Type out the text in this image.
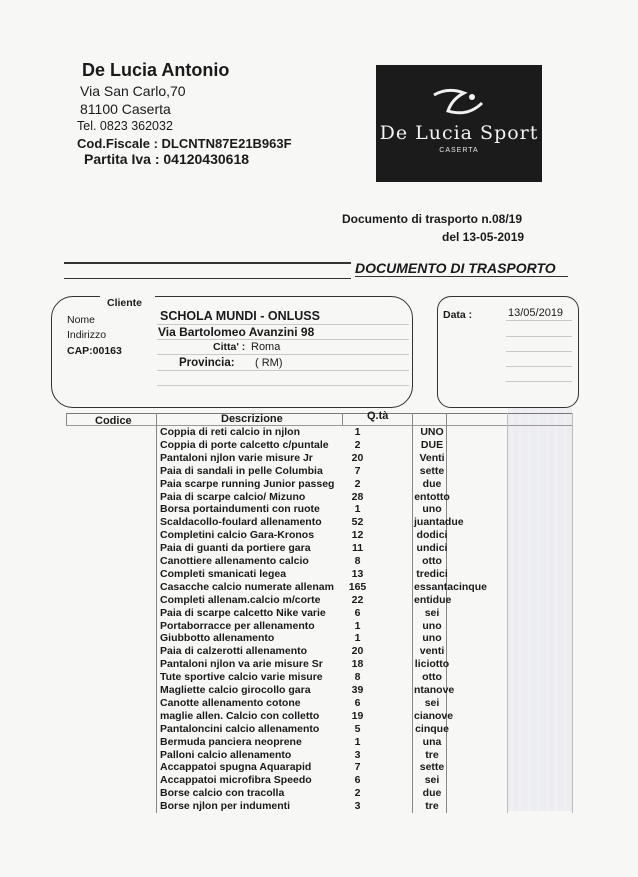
De Lucia Antonio
Via San Carlo,70
81100 Caserta
Tel. 0823 362032
Cod.Fiscale : DLCNTN87E21B963F
Partita Iva : 04120430618
De Lucia Sport
CASERTA
Documento di trasporto n.08/19
del 13-05-2019
DOCUMENTO DI TRASPORTO
Cliente
Nome	SCHOLA MUNDI - ONLUSS
Indirizzo	Via Bartolomeo Avanzini 98
CAP:00163	Citta' : Roma
Provincia: ( RM)
Data :	13/05/2019
Codice	Descrizione	Q.tà
Coppia di reti calcio in njlon	1	UNO
Coppia di porte calcetto c/puntale	2	DUE
Pantaloni njlon varie misure Jr	20	Venti
Paia di sandali in pelle Columbia	7	sette
Paia scarpe running Junior passeg	2	due
Paia di scarpe calcio/ Mizuno	28	entotto
Borsa portaindumenti con ruote	1	uno
Scaldacollo-foulard allenamento	52	juantadue
Completini calcio Gara-Kronos	12	dodici
Paia di guanti da portiere gara	11	undici
Canottiere allenamento calcio	8	otto
Completi smanicati legea	13	tredici
Casacche calcio numerate allenam	165	essantacinque
Completi allenam.calcio m/corte	22	entidue
Paia di scarpe calcetto Nike varie	6	sei
Portaborracce per allenamento	1	uno
Giubbotto allenamento	1	uno
Paia di calzerotti allenamento	20	venti
Pantaloni njlon va arie misure Sr	18	liciotto
Tute sportive calcio varie misure	8	otto
Magliette calcio girocollo gara	39	ntanove
Canotte allenamento cotone	6	sei
maglie allen. Calcio con colletto	19	cianove
Pantaloncini calcio allenamento	5	cinque
Bermuda panciera neoprene	1	una
Palloni calcio allenamento	3	tre
Accappatoi spugna Aquarapid	7	sette
Accappatoi microfibra Speedo	6	sei
Borse calcio con tracolla	2	due
Borse njlon per indumenti	3	tre
